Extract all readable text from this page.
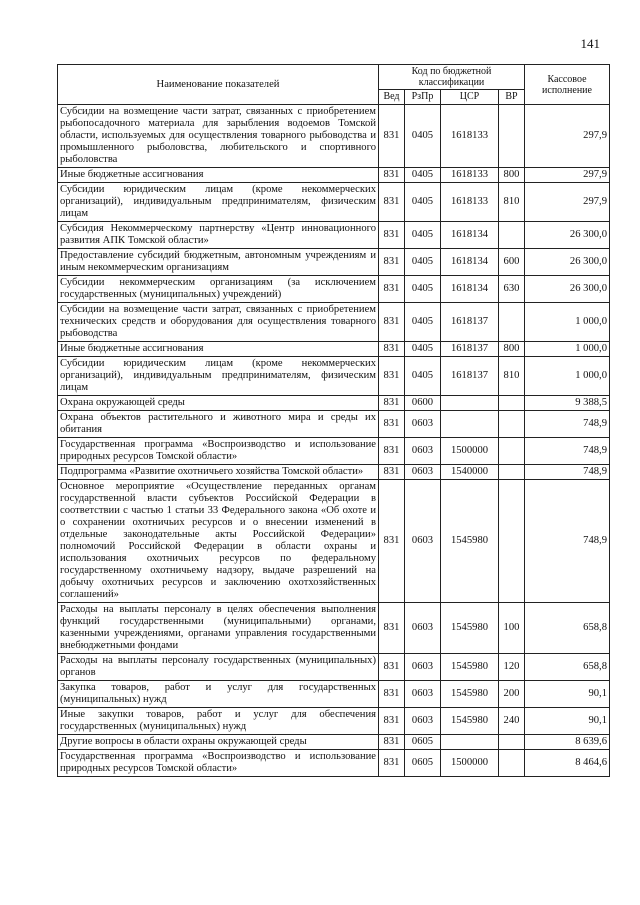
141
Наименование показателей	Код по бюджетной классификации				Кассовое исполнение
	Вед	РзПр	ЦСР	ВР	
Субсидии на возмещение части затрат, связанных с приобретением рыбопосадочного материала для зарыбления водоемов Томской области, используемых для осуществления товарного рыбоводства и промышленного рыболовства, любительского и спортивного рыболовства	831	0405	1618133		297,9
Иные бюджетные ассигнования	831	0405	1618133	800	297,9
Субсидии юридическим лицам (кроме некоммерческих организаций), индивидуальным предпринимателям, физическим лицам	831	0405	1618133	810	297,9
Субсидия Некоммерческому партнерству «Центр инновационного развития АПК Томской области»	831	0405	1618134		26 300,0
Предоставление субсидий бюджетным, автономным учреждениям и иным некоммерческим организациям	831	0405	1618134	600	26 300,0
Субсидии некоммерческим организациям (за исключением государственных (муниципальных) учреждений)	831	0405	1618134	630	26 300,0
Субсидии на возмещение части затрат, связанных с приобретением технических средств и оборудования для осуществления товарного рыбоводства	831	0405	1618137		1 000,0
Иные бюджетные ассигнования	831	0405	1618137	800	1 000,0
Субсидии юридическим лицам (кроме некоммерческих организаций), индивидуальным предпринимателям, физическим лицам	831	0405	1618137	810	1 000,0
Охрана окружающей среды	831	0600			9 388,5
Охрана объектов растительного и животного мира и среды их обитания	831	0603			748,9
Государственная программа «Воспроизводство и использование природных ресурсов Томской области»	831	0603	1500000		748,9
Подпрограмма «Развитие охотничьего хозяйства Томской области»	831	0603	1540000		748,9
Основное мероприятие «Осуществление переданных органам государственной власти субъектов Российской Федерации в соответствии с частью 1 статьи 33 Федерального закона «Об охоте и о сохранении охотничьих ресурсов и о внесении изменений в отдельные законодательные акты Российской Федерации» полномочий Российской Федерации в области охраны и использования охотничьих ресурсов по федеральному государственному охотничьему надзору, выдаче разрешений на добычу охотничьих ресурсов и заключению охотхозяйственных соглашений»	831	0603	1545980		748,9
Расходы на выплаты персоналу в целях обеспечения выполнения функций государственными (муниципальными) органами, казенными учреждениями, органами управления государственными внебюджетными фондами	831	0603	1545980	100	658,8
Расходы на выплаты персоналу государственных (муниципальных) органов	831	0603	1545980	120	658,8
Закупка товаров, работ и услуг для государственных (муниципальных) нужд	831	0603	1545980	200	90,1
Иные закупки товаров, работ и услуг для обеспечения государственных (муниципальных) нужд	831	0603	1545980	240	90,1
Другие вопросы в области охраны окружающей среды	831	0605			8 639,6
Государственная программа «Воспроизводство и использование природных ресурсов Томской области»	831	0605	1500000		8 464,6
